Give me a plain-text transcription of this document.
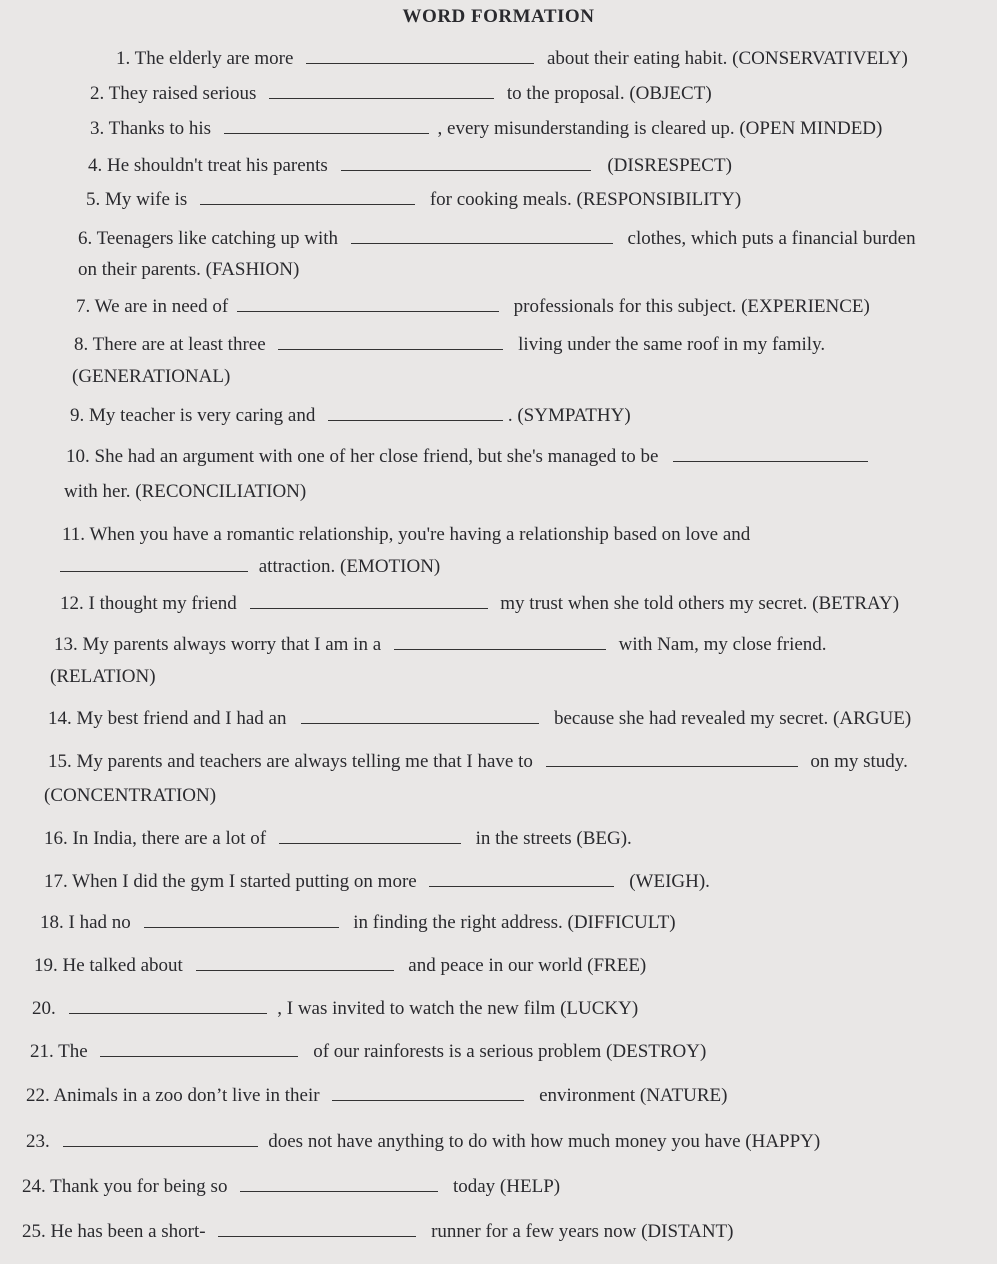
WORD FORMATION
1. The elderly are more	about their eating habit. (CONSERVATIVELY)
2. They raised serious	to the proposal. (OBJECT)
3. Thanks to his	, every misunderstanding is cleared up. (OPEN MINDED)
4. He shouldn't treat his parents	(DISRESPECT)
5. My wife is	for cooking meals. (RESPONSIBILITY)
6. Teenagers like catching up with	clothes, which puts a financial burden
on their parents. (FASHION)
7. We are in need of	professionals for this subject. (EXPERIENCE)
8. There are at least three	living under the same roof in my family.
(GENERATIONAL)
9. My teacher is very caring and	. (SYMPATHY)
10. She had an argument with one of her close friend, but she's managed to be
with her. (RECONCILIATION)
11. When you have a romantic relationship, you're having a relationship based on love and
attraction. (EMOTION)
12. I thought my friend	my trust when she told others my secret. (BETRAY)
13. My parents always worry that I am in a	with Nam, my close friend.
(RELATION)
14. My best friend and I had an	because she had revealed my secret. (ARGUE)
15. My parents and teachers are always telling me that I have to	on my study.
(CONCENTRATION)
16. In India, there are a lot of	in the streets (BEG).
17. When I did the gym I started putting on more	(WEIGH).
18. I had no	in finding the right address. (DIFFICULT)
19. He talked about	and peace in our world (FREE)
20.	, I was invited to watch the new film (LUCKY)
21. The	of our rainforests is a serious problem (DESTROY)
22. Animals in a zoo don’t live in their	environment (NATURE)
23.	does not have anything to do with how much money you have (HAPPY)
24. Thank you for being so	today (HELP)
25. He has been a short-	runner for a few years now (DISTANT)
